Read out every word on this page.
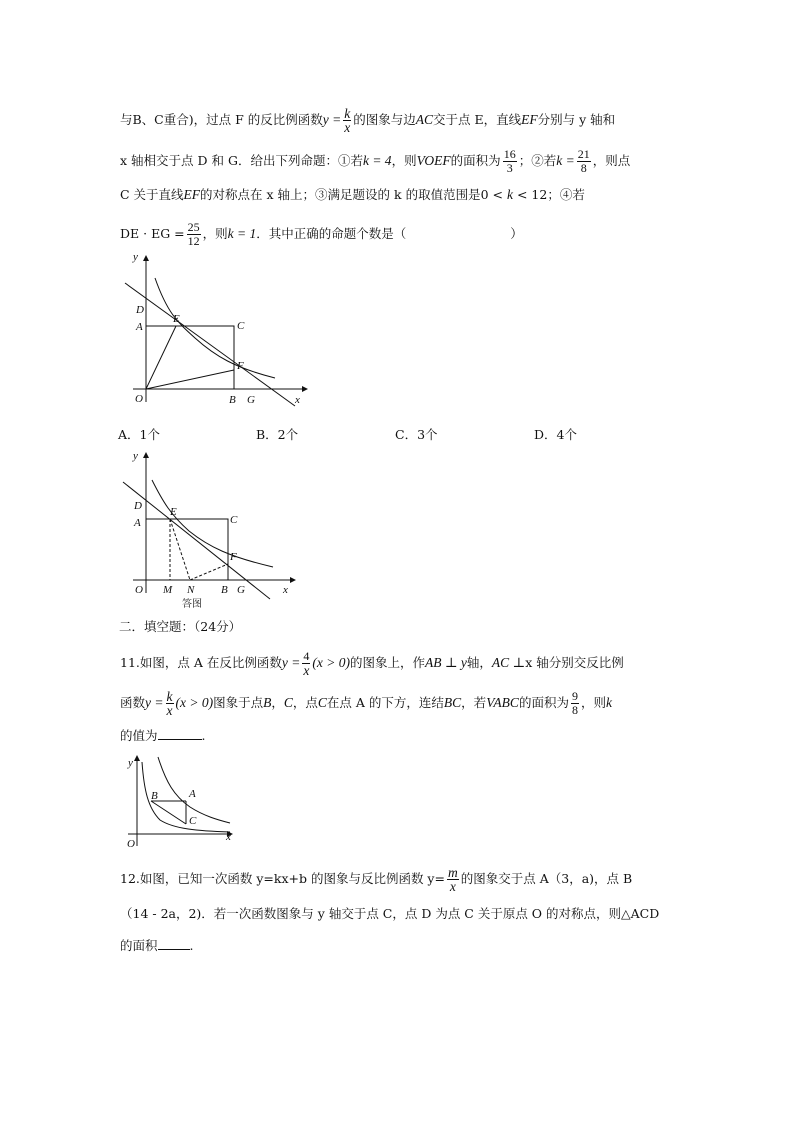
与B、C重合)，过点 F 的反比例函数$y = \frac{k}{x}$ 的图象与边AC交于点 E，直线EF分别与 y 轴和
x 轴相交于点 D 和 G．给出下列命题：①若k = 4，则VOEF的面积为 $\frac{16}{3}$ ；②若$k = \frac{21}{8}$ ，则点
C 关于直线EF的对称点在 x 轴上；③满足题设的 k 的取值范围是0 < k < 12；④若
DE · EG = $\frac{25}{12}$ ，则k = 1．其中正确的命题个数是（	）
y
D
A
E
C
F
O	B G	x
A．1个	B．2个	C．3个	D．4个
y
D
A
E
C
F
O M N B G	x
答图
二．填空题：（24分）
11.如图，点 A 在反比例函数$y = \frac{4}{x} (x > 0)$的图象上，作AB ⊥ y轴，AC ⊥x 轴分别交反比例
函数$y = \frac{k}{x} (x > 0)$图象于点B，C，点C在点 A 的下方，连结BC，若VABC的面积为 $\frac{9}{8}$ ，则k
的值为	.
y
B	A
C
O
x
12.如图，已知一次函数 y=kx+b 的图象与反比例函数 $y= \frac{m}{x}$ 的图象交于点 A（3，a)，点 B
（14 - 2a，2)．若一次函数图象与 y 轴交于点 C，点 D 为点 C 关于原点 O 的对称点，则△ACD
的面积	.
